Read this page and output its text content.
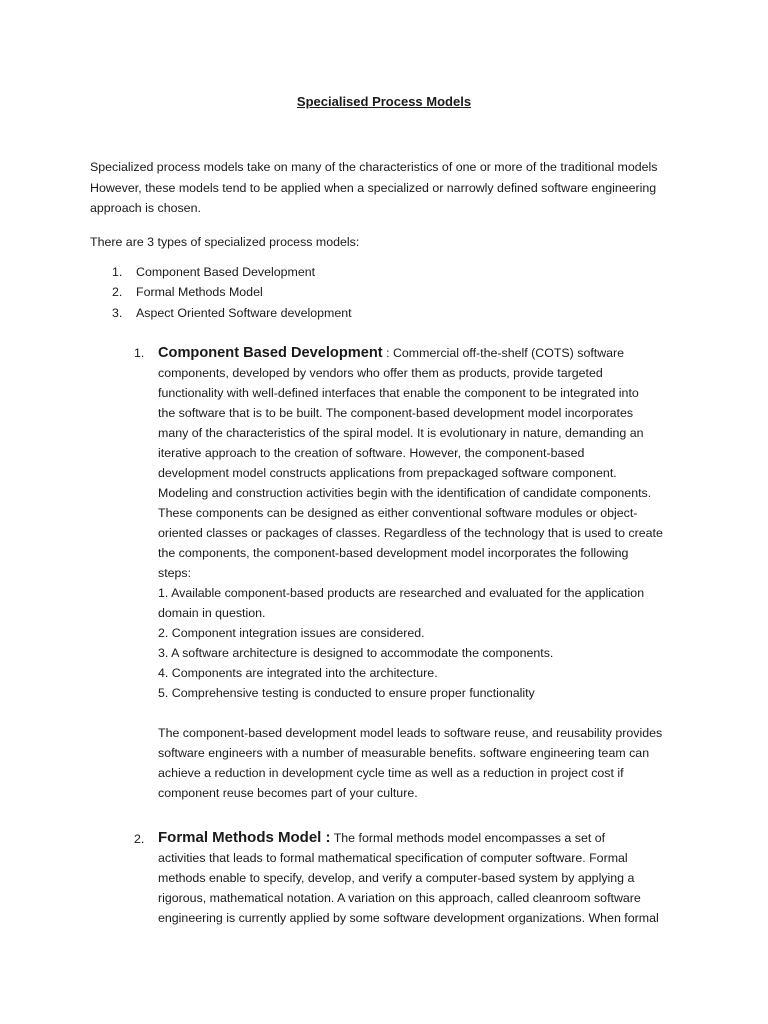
Specialised Process Models

Specialized process models take on many of the characteristics of one or more of the traditional models

However, these models tend to be applied when a specialized or narrowly defined software engineering

approach is chosen.

There are 3 types of specialized process models:

1.	Component Based Development
2.	Formal Methods Model
3.	Aspect Oriented Software development
1. Component Based Development : Commercial off-the-shelf (COTS) software
components, developed by vendors who offer them as products, provide targeted
functionality with well-defined interfaces that enable the component to be integrated into
the software that is to be built. The component-based development model incorporates
many of the characteristics of the spiral model. It is evolutionary in nature, demanding an
iterative approach to the creation of software. However, the component-based
development model constructs applications from prepackaged software component.
Modeling and construction activities begin with the identification of candidate components.
These components can be designed as either conventional software modules or object-
oriented classes or packages of classes. Regardless of the technology that is used to create
the components, the component-based development model incorporates the following
steps:
1. Available component-based products are researched and evaluated for the application
domain in question.
2. Component integration issues are considered.
3. A software architecture is designed to accommodate the components.
4. Components are integrated into the architecture.
5. Comprehensive testing is conducted to ensure proper functionality
The component-based development model leads to software reuse, and reusability provides
software engineers with a number of measurable benefits. software engineering team can
achieve a reduction in development cycle time as well as a reduction in project cost if
component reuse becomes part of your culture.
2. Formal Methods Model : The formal methods model encompasses a set of
activities that leads to formal mathematical specification of computer software. Formal
methods enable to specify, develop, and verify a computer-based system by applying a
rigorous, mathematical notation. A variation on this approach, called cleanroom software
engineering is currently applied by some software development organizations. When formal
